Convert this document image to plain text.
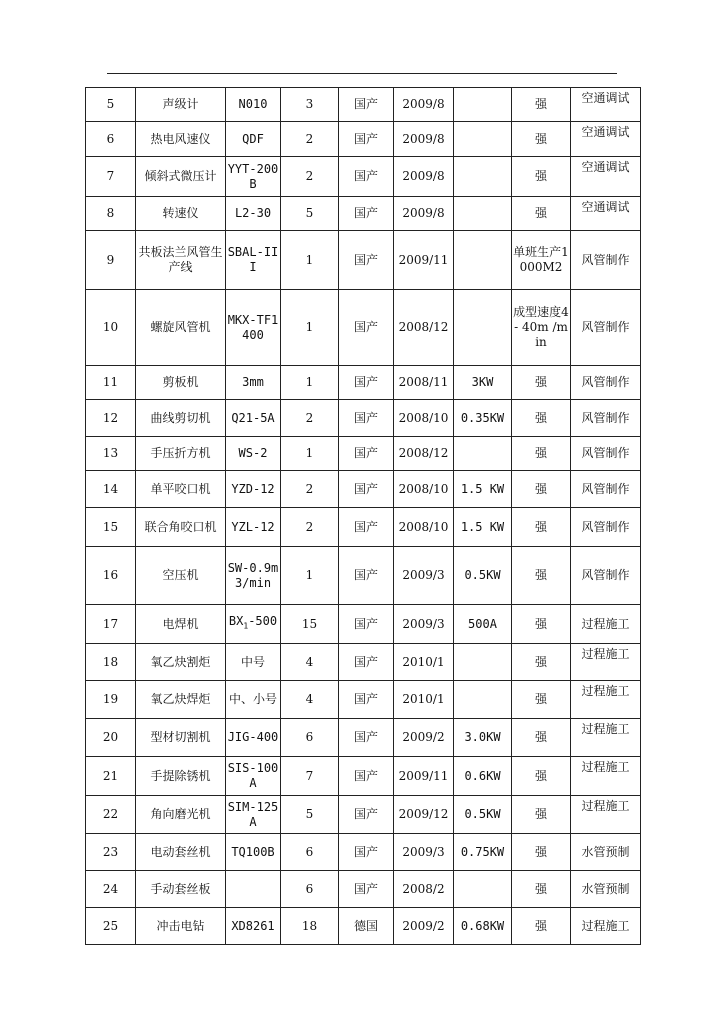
5	声级计	N010	3	国产	2009/8		强	空通调试
6	热电风速仪	QDF	2	国产	2009/8		强	空通调试
7	倾斜式微压计	YYT-200B	2	国产	2009/8		强	空通调试
8	转速仪	L2-30	5	国产	2009/8		强	空通调试
9	共板法兰风管生产线	SBAL-III	1	国产	2009/11		单班生产1000M2	风管制作
10	螺旋风管机	MKX-TF1400	1	国产	2008/12		成型速度4 - 40m /min	风管制作
11	剪板机	3mm	1	国产	2008/11	3KW	强	风管制作
12	曲线剪切机	Q21-5A	2	国产	2008/10	0.35KW	强	风管制作
13	手压折方机	WS-2	1	国产	2008/12		强	风管制作
14	单平咬口机	YZD-12	2	国产	2008/10	1.5 KW	强	风管制作
15	联合角咬口机	YZL-12	2	国产	2008/10	1.5 KW	强	风管制作
16	空压机	SW-0.9m3/min	1	国产	2009/3	0.5KW	强	风管制作
17	电焊机	$BX_1-500$	15	国产	2009/3	500A	强	过程施工
18	氧乙炔割炬	中号	4	国产	2010/1		强	过程施工
19	氧乙炔焊炬	中、小号	4	国产	2010/1		强	过程施工
20	型材切割机	JIG-400	6	国产	2009/2	3.0KW	强	过程施工
21	手提除锈机	SIS-100A	7	国产	2009/11	0.6KW	强	过程施工
22	角向磨光机	SIM-125A	5	国产	2009/12	0.5KW	强	过程施工
23	电动套丝机	TQ100B	6	国产	2009/3	0.75KW	强	水管预制
24	手动套丝板		6	国产	2008/2		强	水管预制
25	冲击电钻	XD8261	18	德国	2009/2	0.68KW	强	过程施工
